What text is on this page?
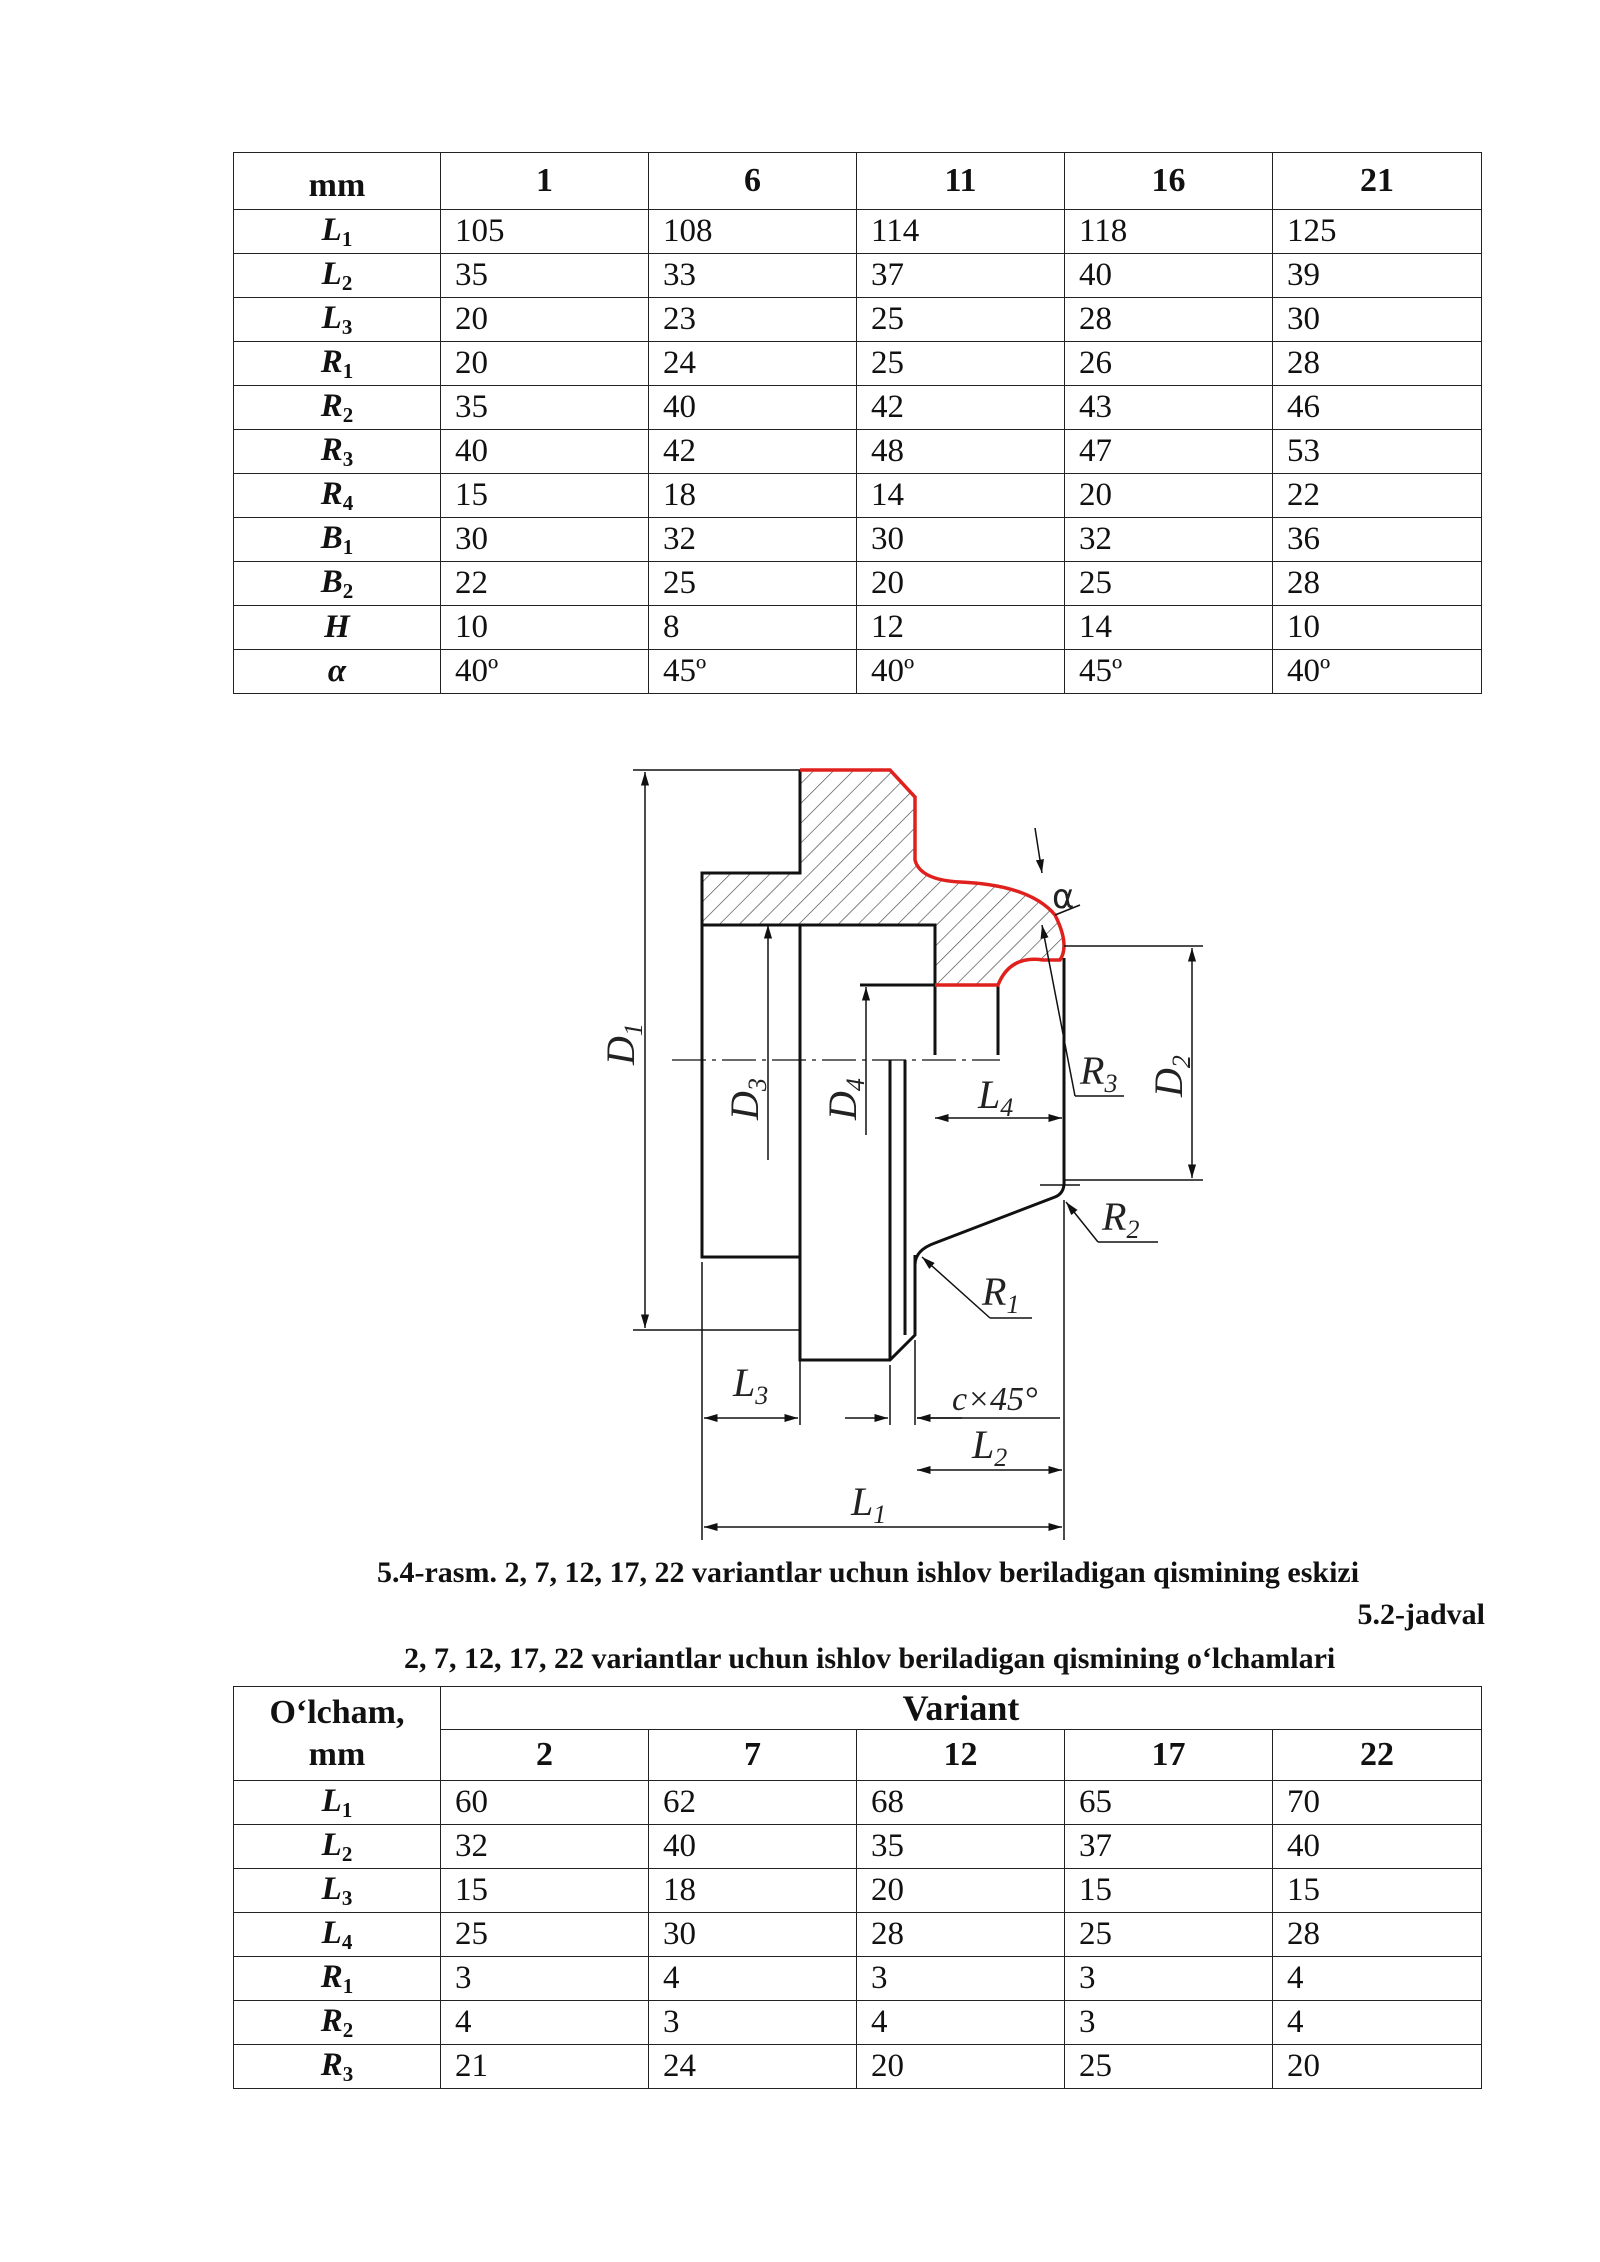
mm	1	6	11	16	21
$L_1$	105	108	114	118	125
$L_2$	35	33	37	40	39
$L_3$	20	23	25	28	30
$R_1$	20	24	25	26	28
$R_2$	35	40	42	43	46
$R_3$	40	42	48	47	53
$R_4$	15	18	14	20	22
$B_1$	30	32	30	32	36
$B_2$	22	25	20	25	28
H	10	8	12	14	10
α	40º	45º	40º	45º	40º
$D_1$
$D_2$
$D_3$
$D_4$	$L_4$
$R_3$
$R_2$
$R_1$
$L_3$	c×45°
$L_2$
$L_1$
α
5.4-rasm. 2, 7, 12, 17, 22 variantlar uchun ishlov beriladigan qismining eskizi
5.2-jadval
2, 7, 12, 17, 22 variantlar uchun ishlov beriladigan qismining o‘lchamlari
O‘lcham,
mm	Variant				
	2	7	12	17	22
$L_1$	60	62	68	65	70
$L_2$	32	40	35	37	40
$L_3$	15	18	20	15	15
$L_4$	25	30	28	25	28
$R_1$	3	4	3	3	4
$R_2$	4	3	4	3	4
$R_3$	21	24	20	25	20
